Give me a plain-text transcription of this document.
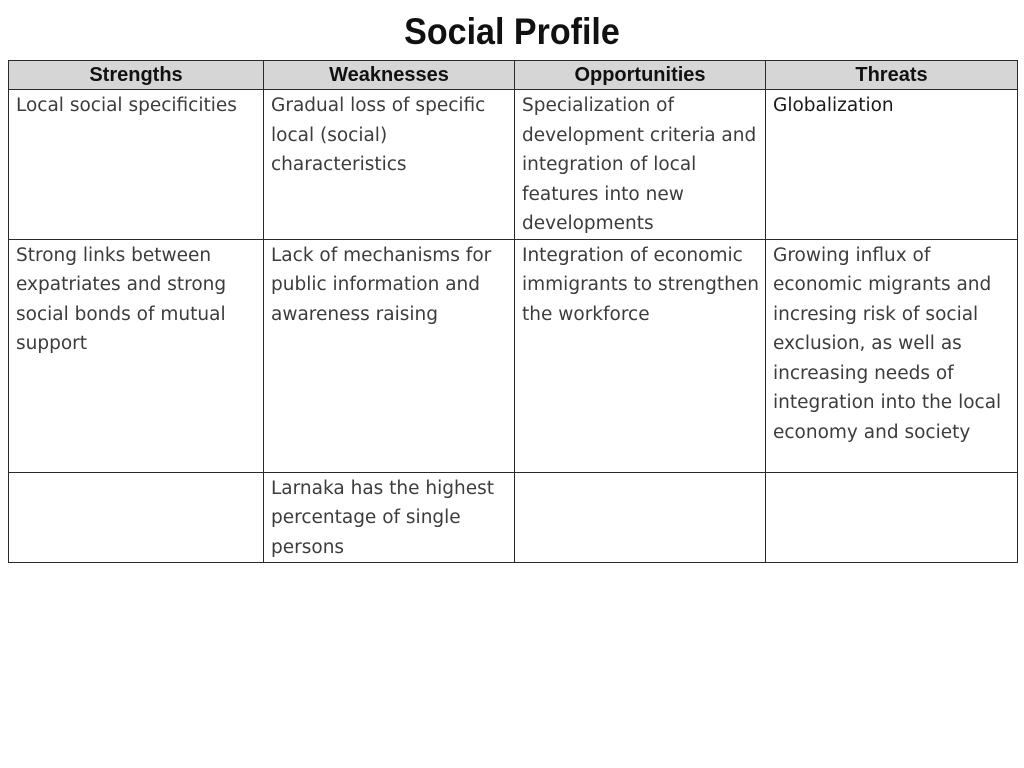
Social Profile
Strengths	Weaknesses	Opportunities	Threats

Local social specificities	Gradual loss of specific local (social) characteristics	Specialization of development criteria and integration of local features into new developments	Globalization

Strong links between expatriates and strong social bonds of mutual support	Lack of mechanisms for public information and awareness raising	Integration of economic immigrants to strengthen the workforce	Growing influx of economic migrants and incresing risk of social exclusion, as well as increasing needs of integration into the local economy and society

	Larnaka has the highest percentage of single persons		
